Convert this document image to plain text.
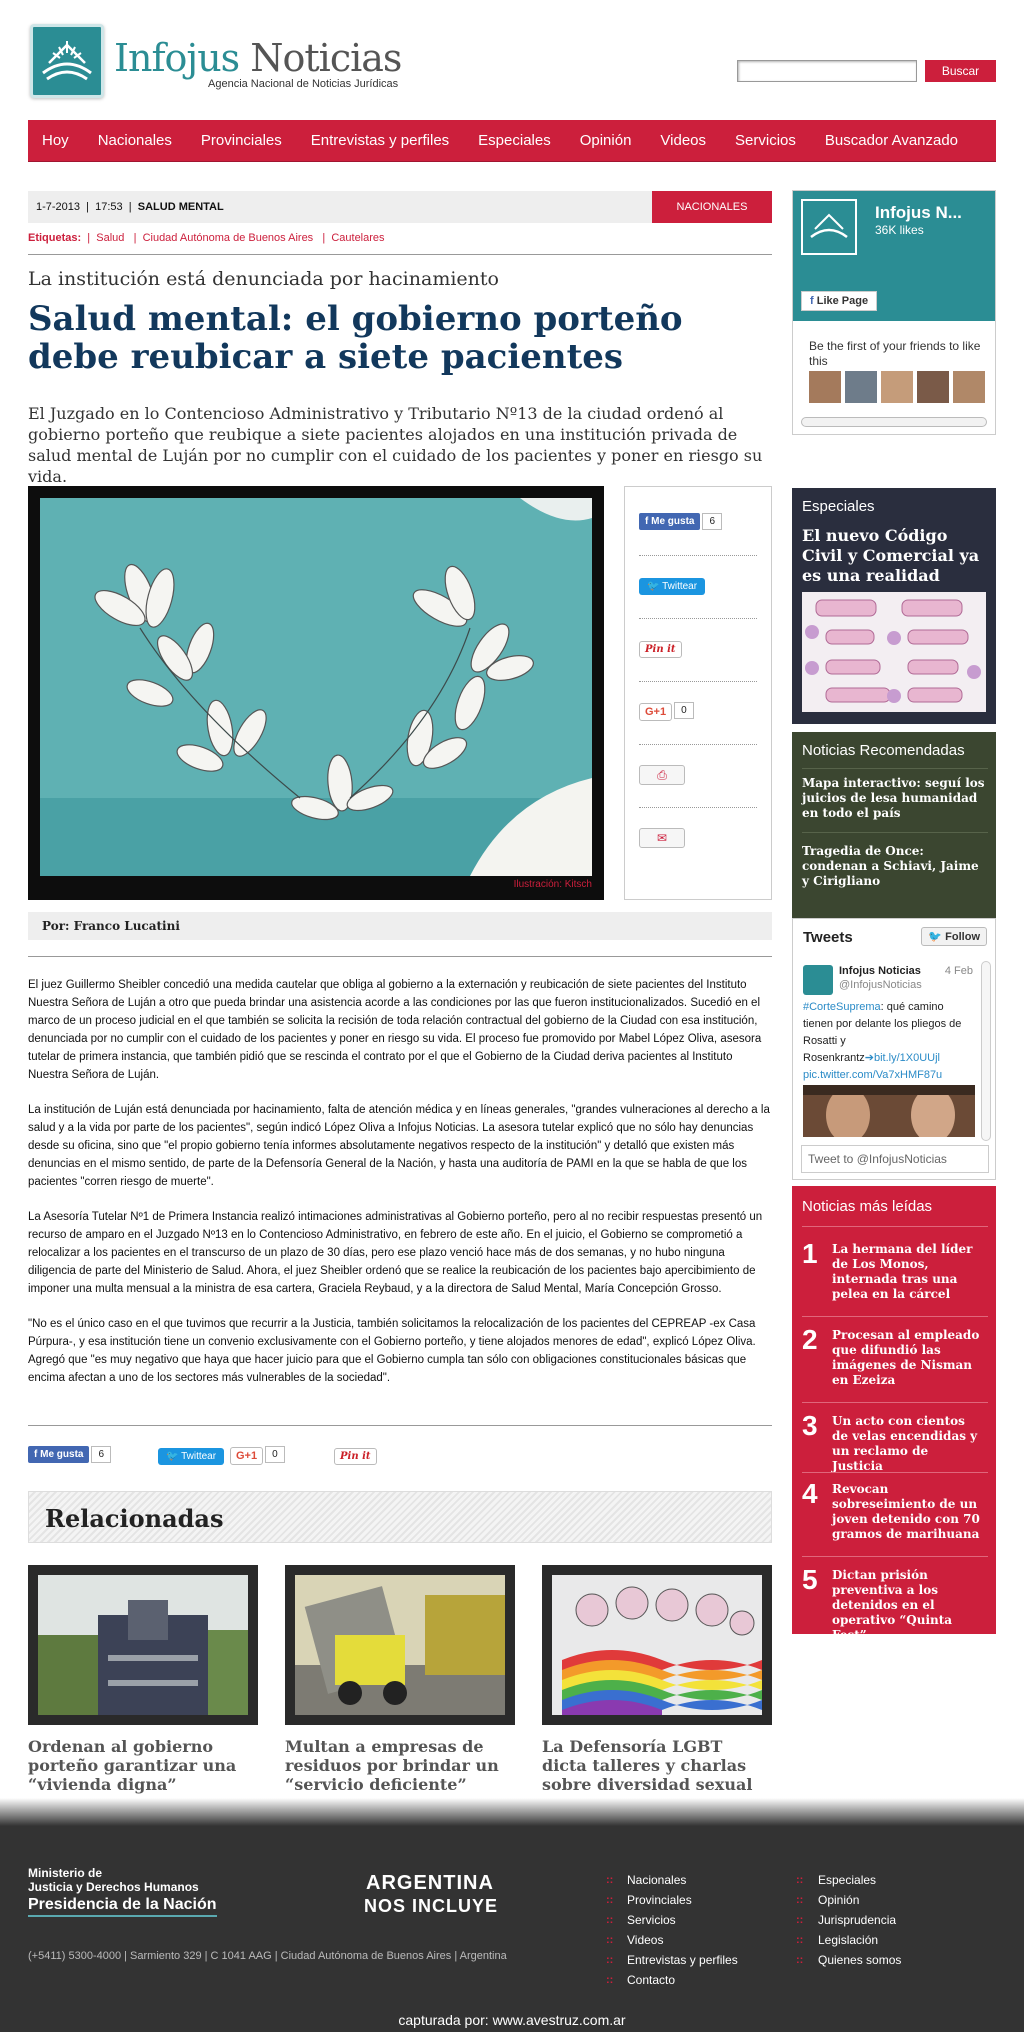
Infojus Noticias
Agencia Nacional de Noticias Jurídicas
Buscar
Hoy Nacionales Provinciales Entrevistas y perfiles Especiales Opinión Videos Servicios Buscador Avanzado
1-7-2013  |  17:53  |  SALUD MENTAL	NACIONALES
Etiquetas:  |  Salud   |  Ciudad Autónoma de Buenos Aires   |  Cautelares
La institución está denunciada por hacinamiento
Salud mental: el gobierno porteño debe reubicar a siete pacientes
El Juzgado en lo Contencioso Administrativo y Tributario Nº13 de la ciudad ordenó al gobierno porteño que reubique a siete pacientes alojados en una institución privada de salud mental de Luján por no cumplir con el cuidado de los pacientes y poner en riesgo su vida.
Ilustración: Kitsch
f Me gusta 6
🐦 Twittear
Pin it
G+1 0
⎙
✉
Por: Franco Lucatini

El juez Guillermo Sheibler concedió una medida cautelar que obliga al gobierno a la externación y reubicación de siete pacientes del Instituto Nuestra Señora de Luján a otro que pueda brindar una asistencia acorde a las condiciones por las que fueron institucionalizados. Sucedió en el marco de un proceso judicial en el que también se solicita la recisión de toda relación contractual del gobierno de la Ciudad con esa institución, denunciada por no cumplir con el cuidado de los pacientes y poner en riesgo su vida. El proceso fue promovido por Mabel López Oliva, asesora tutelar de primera instancia, que también pidió que se rescinda el contrato por el que el Gobierno de la Ciudad deriva pacientes al Instituto Nuestra Señora de Luján.

La institución de Luján está denunciada por hacinamiento, falta de atención médica y en líneas generales, "grandes vulneraciones al derecho a la salud y a la vida por parte de los pacientes", según indicó López Oliva a Infojus Noticias. La asesora tutelar explicó que no sólo hay denuncias desde su oficina, sino que "el propio gobierno tenía informes absolutamente negativos respecto de la institución" y detalló que existen más denuncias en el mismo sentido, de parte de la Defensoría General de la Nación, y hasta una auditoría de PAMI en la que se habla de que los pacientes "corren riesgo de muerte".

La Asesoría Tutelar Nº1 de Primera Instancia realizó intimaciones administrativas al Gobierno porteño, pero al no recibir respuestas presentó un recurso de amparo en el Juzgado Nº13 en lo Contencioso Administrativo, en febrero de este año. En el juicio, el Gobierno se comprometió a relocalizar a los pacientes en el transcurso de un plazo de 30 días, pero ese plazo venció hace más de dos semanas, y no hubo ninguna diligencia de parte del Ministerio de Salud. Ahora, el juez Sheibler ordenó que se realice la reubicación de los pacientes bajo apercibimiento de imponer una multa mensual a la ministra de esa cartera, Graciela Reybaud, y a la directora de Salud Mental, María Concepción Grosso.

"No es el único caso en el que tuvimos que recurrir a la Justicia, también solicitamos la relocalización de los pacientes del CEPREAP -ex Casa Púrpura-, y esa institución tiene un convenio exclusivamente con el Gobierno porteño, y tiene alojados menores de edad", explicó López Oliva. Agregó que "es muy negativo que haya que hacer juicio para que el Gobierno cumpla tan sólo con obligaciones constitucionales básicas que encima afectan a uno de los sectores más vulnerables de la sociedad".

f Me gusta 6	🐦 Twittear	G+1 0	Pin it
Relacionadas
Ordenan al gobierno porteño garantizar una “vivienda digna”
Multan a empresas de residuos por brindar un “servicio deficiente”
La Defensoría LGBT dicta talleres y charlas sobre diversidad sexual
Infojus N...
36K likes
f Like Page
Be the first of your friends to like this
Especiales
El nuevo Código Civil y Comercial ya es una realidad
Noticias Recomendadas
Mapa interactivo: seguí los juicios de lesa humanidad en todo el país
Tragedia de Once: condenan a Schiavi, Jaime y Cirigliano
Tweets	🐦 Follow
Infojus Noticias 4 Feb
@InfojusNoticias
#CorteSuprema: qué camino tienen por delante los pliegos de Rosatti y Rosenkrantz➔bit.ly/1X0UUjl pic.twitter.com/Va7xHMF87u
Tweet to @InfojusNoticias
Noticias más leídas
1 La hermana del líder de Los Monos, internada tras una pelea en la cárcel
2 Procesan al empleado que difundió las imágenes de Nisman en Ezeiza
3 Un acto con cientos de velas encendidas y un reclamo de Justicia
4 Revocan sobreseimiento de un joven detenido con 70 gramos de marihuana
5 Dictan prisión preventiva a los detenidos en el operativo “Quinta Fest”
Ministerio de
Justicia y Derechos Humanos
Presidencia de la Nación
ARGENTINA
NOS INCLUYE
(+5411) 5300-4000 | Sarmiento 329 | C 1041 AAG | Ciudad Autónoma de Buenos Aires | Argentina
:: Nacionales
:: Provinciales
:: Servicios
:: Videos
:: Entrevistas y perfiles
:: Contacto
:: Especiales
:: Opinión
:: Jurisprudencia
:: Legislación
:: Quienes somos
capturada por: www.avestruz.com.ar
